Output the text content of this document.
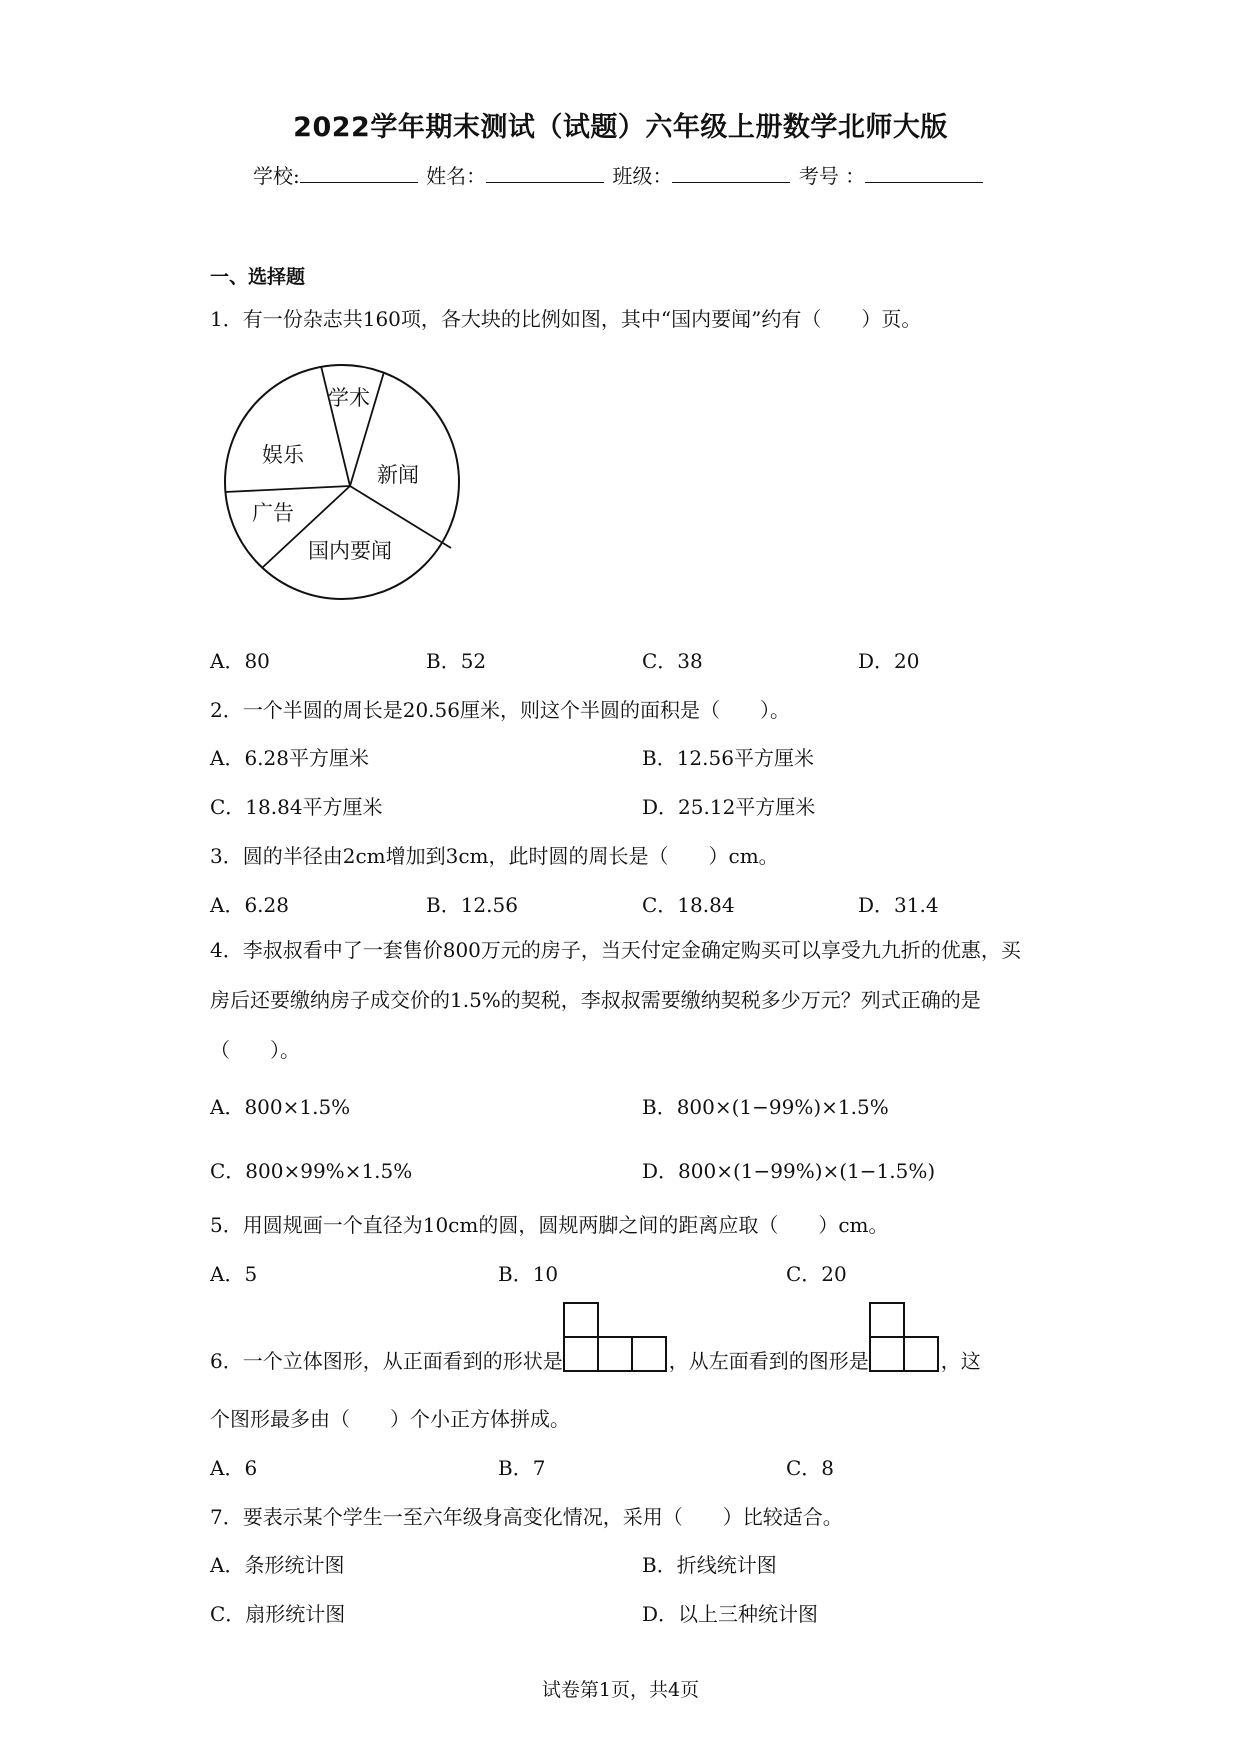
2022学年期末测试（试题）六年级上册数学北师大版
学校:	姓名：	班级：	考号 ：
一、选择题
1．有一份杂志共160项，各大块的比例如图，其中“国内要闻”约有（　　）页。
学术
新闻
国内要闻
广告
娱乐
A．80	B．52	C．38	D．20
2．一个半圆的周长是20.56厘米，则这个半圆的面积是（　　）。
A．6.28平方厘米	B．12.56平方厘米
C．18.84平方厘米	D．25.12平方厘米
3．圆的半径由2cm增加到3cm，此时圆的周长是（　　）cm。
A．6.28	B．12.56	C．18.84	D．31.4
4．李叔叔看中了一套售价800万元的房子，当天付定金确定购买可以享受九九折的优惠，买房后还要缴纳房子成交价的1.5%的契税，李叔叔需要缴纳契税多少万元？列式正确的是（　　）。
A．800×1.5%	B．800×(1−99%)×1.5%
C．800×99%×1.5%	D．800×(1−99%)×(1−1.5%)
5．用圆规画一个直径为10cm的圆，圆规两脚之间的距离应取（　　）cm。
A．5	B．10	C．20
6．一个立体图形，从正面看到的形状是	，从左面看到的图形是	，这
个图形最多由（　　）个小正方体拼成。
A．6	B．7	C．8
7．要表示某个学生一至六年级身高变化情况，采用（　　）比较适合。
A．条形统计图	B．折线统计图
C．扇形统计图	D．以上三种统计图
试卷第1页，共4页
